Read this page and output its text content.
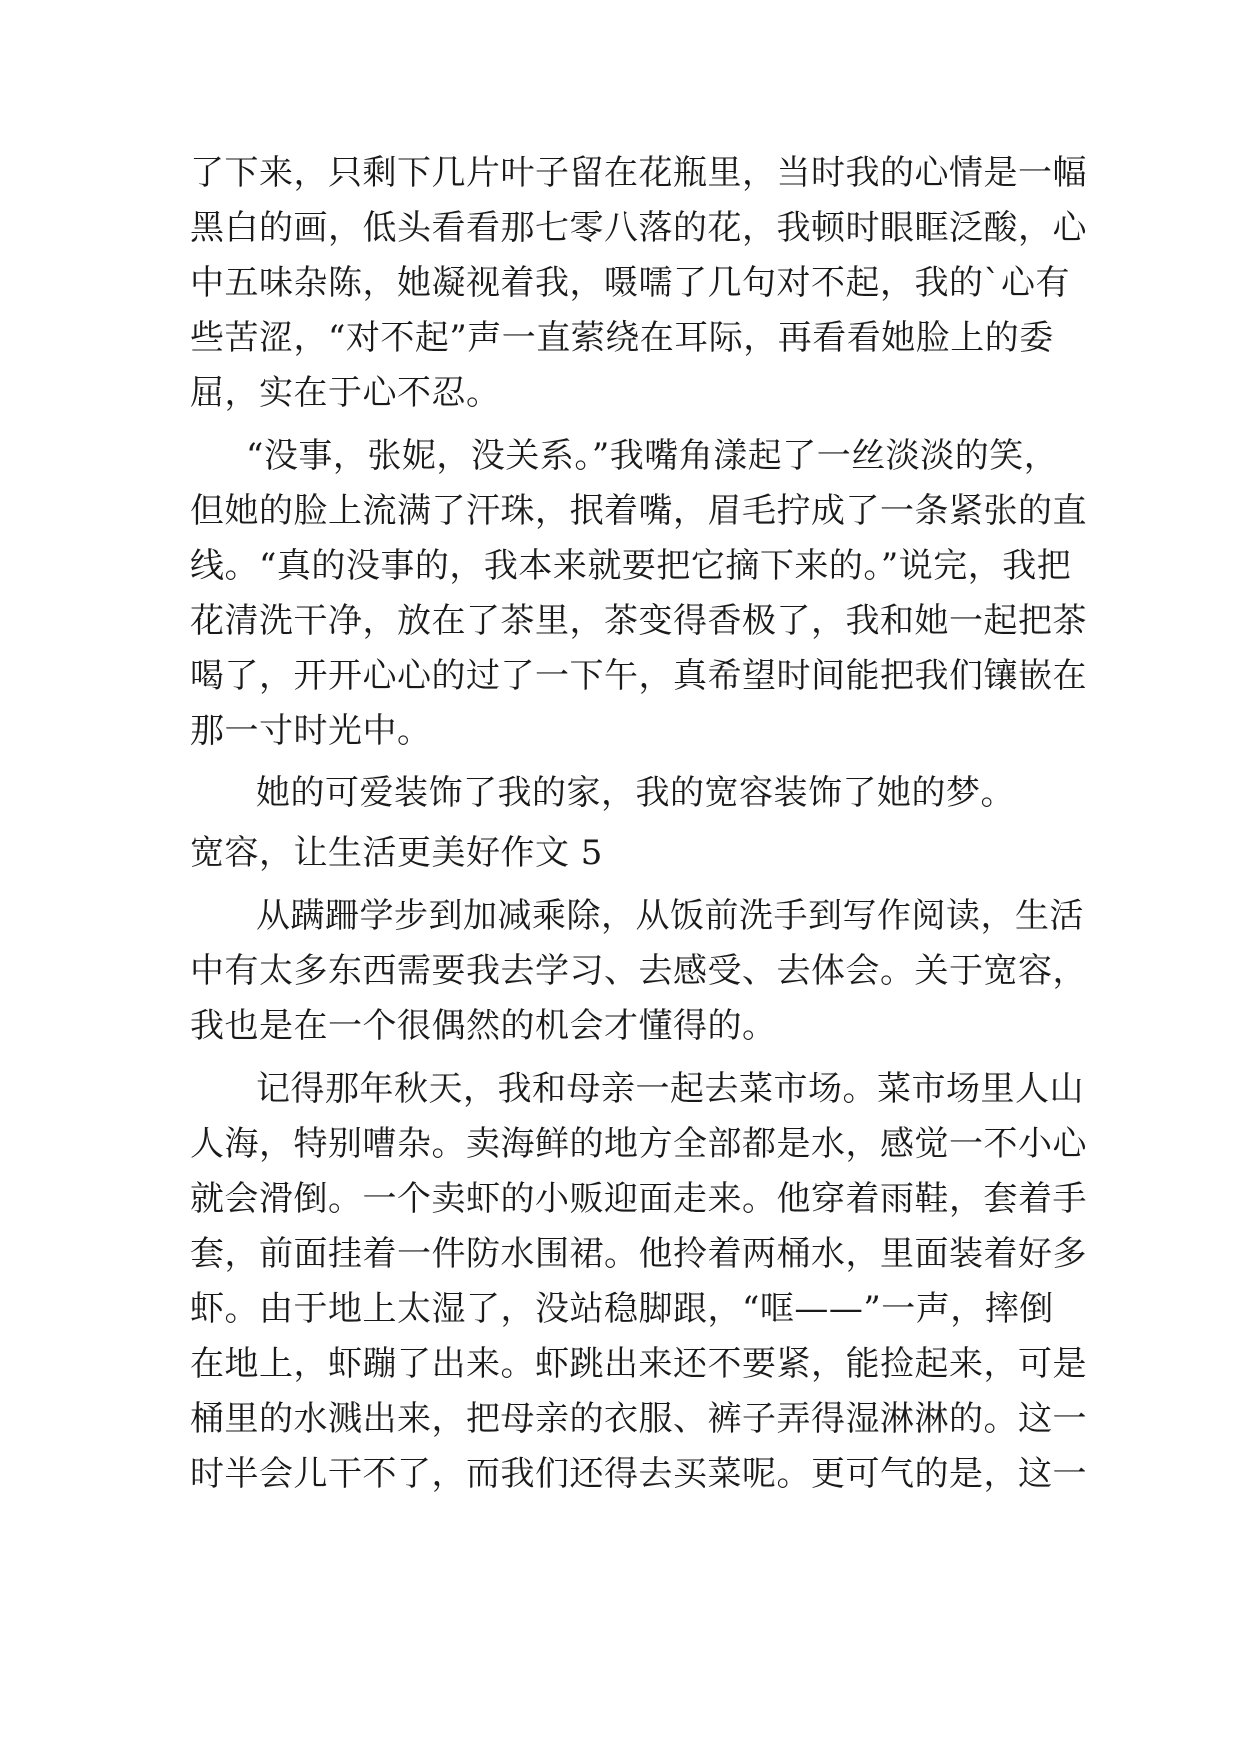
了下来，只剩下几片叶子留在花瓶里，当时我的心情是一幅

黑白的画，低头看看那七零八落的花，我顿时眼眶泛酸，心

中五味杂陈，她凝视着我，嗫嚅了几句对不起，我的`心有

些苦涩，“对不起”声一直萦绕在耳际，再看看她脸上的委

屈，实在于心不忍。

“没事，张妮，没关系。”我嘴角漾起了一丝淡淡的笑，

但她的脸上流满了汗珠，抿着嘴，眉毛拧成了一条紧张的直

线。“真的没事的，我本来就要把它摘下来的。”说完，我把

花清洗干净，放在了茶里，茶变得香极了，我和她一起把茶

喝了，开开心心的过了一下午，真希望时间能把我们镶嵌在

那一寸时光中。

她的可爱装饰了我的家，我的宽容装饰了她的梦。

宽容，让生活更美好作文 5

从蹒跚学步到加减乘除，从饭前洗手到写作阅读，生活

中有太多东西需要我去学习、去感受、去体会。关于宽容，

我也是在一个很偶然的机会才懂得的。

记得那年秋天，我和母亲一起去菜市场。菜市场里人山

人海，特别嘈杂。卖海鲜的地方全部都是水，感觉一不小心

就会滑倒。一个卖虾的小贩迎面走来。他穿着雨鞋，套着手

套，前面挂着一件防水围裙。他拎着两桶水，里面装着好多

虾。由于地上太湿了，没站稳脚跟，“哐——”一声，摔倒

在地上，虾蹦了出来。虾跳出来还不要紧，能捡起来，可是

桶里的水溅出来，把母亲的衣服、裤子弄得湿淋淋的。这一

时半会儿干不了，而我们还得去买菜呢。更可气的是，这一
